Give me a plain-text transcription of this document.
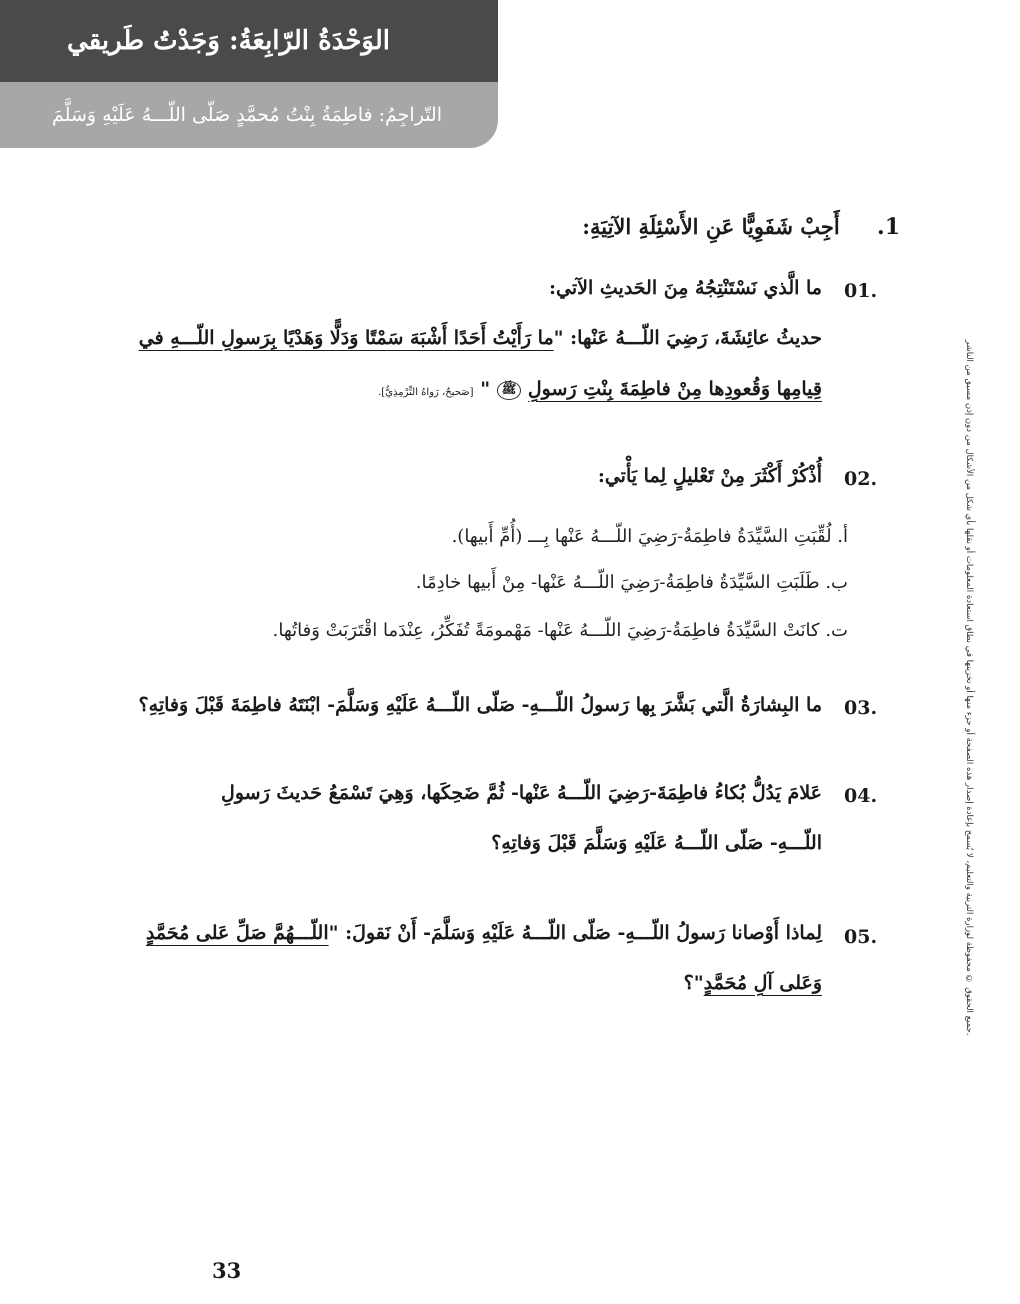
الوَحْدَةُ الرّابِعَةُ: وَجَدْتُ طَريقي
التّراجِمُ: فاطِمَةُ بِنْتُ مُحمَّدٍ صَلّى اللّـــهُ عَلَيْهِ وَسَلَّمَ
جميع الحقوق © محفوظة لوزارة التربية والتعليم، لا يُسمح بإعادة إصدار هذه الصفحة أو جزء منها أو تخزينها في نطاق استعادة المعلومات أو نقلها بأي شكل من الأشكال من دون إذن مسبق من الناشر.
1. أَجِبْ شَفَوِيًّا عَنِ الأَسْئِلَةِ الآتِيَةِ:
01.
ما الَّذي نَسْتَنْتِجُهُ مِنَ الحَديثِ الآتي:
حديثُ عائِشَةَ، رَضِيَ اللّـــهُ عَنْها: "ما رَأَيْتُ أَحَدًا أَشْبَهَ سَمْتًا وَدَلًّا وَهَدْيًا بِرَسولِ اللّـــهِ في
قِيامِها وَقُعودِها مِنْ فاطِمَةَ بِنْتِ رَسولِ ﷺ " [صَحيحٌ، رَواهُ التِّرْمِذِيُّ].
02.
أُذْكُرْ أَكْثَرَ مِنْ تَعْليلٍ لِما يَأْتي:
أ. لُقِّبَتِ السَّيِّدَةُ فاطِمَةُ-رَضِيَ اللّـــهُ عَنْها بِـــ (أُمِّ أَبيها).
ب. طَلَبَتِ السَّيِّدَةُ فاطِمَةُ-رَضِيَ اللّـــهُ عَنْها- مِنْ أَبيها خادِمًا.
ت. كانَتْ السَّيِّدَةُ فاطِمَةُ-رَضِيَ اللّـــهُ عَنْها- مَهْمومَةً تُفَكِّرُ، عِنْدَما اقْتَرَبَتْ وَفاتُها.
03.
ما البِشارَةُ الَّتي بَشَّرَ بِها رَسولُ اللّـــهِ- صَلّى اللّـــهُ عَلَيْهِ وَسَلَّمَ- ابْنَتَهُ فاطِمَةَ قَبْلَ وَفاتِهِ؟
04.
عَلامَ يَدُلُّ بُكاءُ فاطِمَةَ-رَضِيَ اللّـــهُ عَنْها- ثُمَّ ضَحِكَها، وَهِيَ تَسْمَعُ حَديثَ رَسولِ
اللّـــهِ- صَلّى اللّـــهُ عَلَيْهِ وَسَلَّمَ قَبْلَ وَفاتِهِ؟
05.
لِماذا أَوْصانا رَسولُ اللّـــهِ- صَلّى اللّـــهُ عَلَيْهِ وَسَلَّمَ- أَنْ نَقولَ: "اللّـــهُمَّ صَلِّ عَلى مُحَمَّدٍ
وَعَلى آلِ مُحَمَّدٍ"؟
33
